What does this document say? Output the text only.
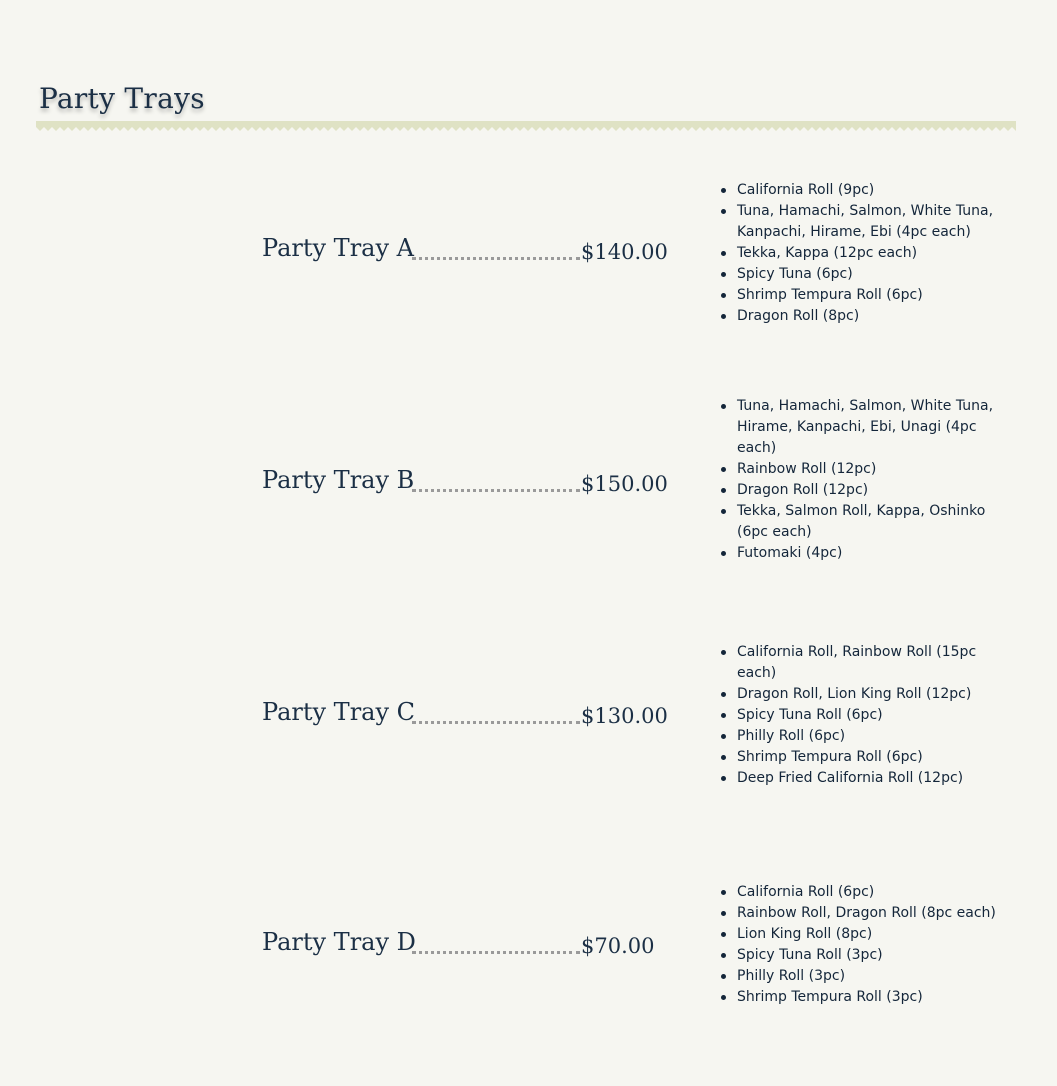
Party Trays
Party Tray A	$140.00
California Roll (9pc)
Tuna, Hamachi, Salmon, White Tuna, Kanpachi, Hirame, Ebi (4pc each)
Tekka, Kappa (12pc each)
Spicy Tuna (6pc)
Shrimp Tempura Roll (6pc)
Dragon Roll (8pc)
Party Tray B	$150.00
Tuna, Hamachi, Salmon, White Tuna, Hirame, Kanpachi, Ebi, Unagi (4pc each)
Rainbow Roll (12pc)
Dragon Roll (12pc)
Tekka, Salmon Roll, Kappa, Oshinko (6pc each)
Futomaki (4pc)
Party Tray C	$130.00
California Roll, Rainbow Roll (15pc each)
Dragon Roll, Lion King Roll (12pc)
Spicy Tuna Roll (6pc)
Philly Roll (6pc)
Shrimp Tempura Roll (6pc)
Deep Fried California Roll (12pc)
Party Tray D	$70.00
California Roll (6pc)
Rainbow Roll, Dragon Roll (8pc each)
Lion King Roll (8pc)
Spicy Tuna Roll (3pc)
Philly Roll (3pc)
Shrimp Tempura Roll (3pc)
